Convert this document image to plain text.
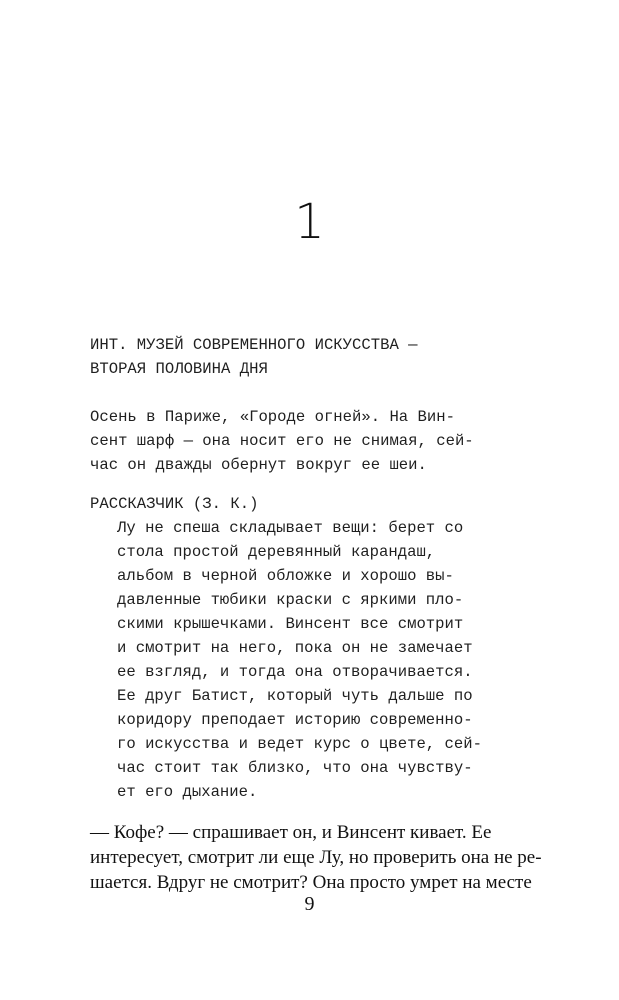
1
ИНТ. МУЗЕЙ СОВРЕМЕННОГО ИСКУССТВА —
ВТОРАЯ ПОЛОВИНА ДНЯ
Осень в Париже, «Городе огней». На Вин-
сент шарф — она носит его не снимая, сей-
час он дважды обернут вокруг ее шеи.
РАССКАЗЧИК (З. К.)
Лу не спеша складывает вещи: берет со
стола простой деревянный карандаш,
альбом в черной обложке и хорошо вы-
давленные тюбики краски с яркими пло-
скими крышечками. Винсент все смотрит
и смотрит на него, пока он не замечает
ее взгляд, и тогда она отворачивается.
Ее друг Батист, который чуть дальше по
коридору преподает историю современно-
го искусства и ведет курс о цвете, сей-
час стоит так близко, что она чувству-
ет его дыхание.
— Кофе? — спрашивает он, и Винсент кивает. Ее
интересует, смотрит ли еще Лу, но проверить она не ре-
шается. Вдруг не смотрит? Она просто умрет на месте
9
